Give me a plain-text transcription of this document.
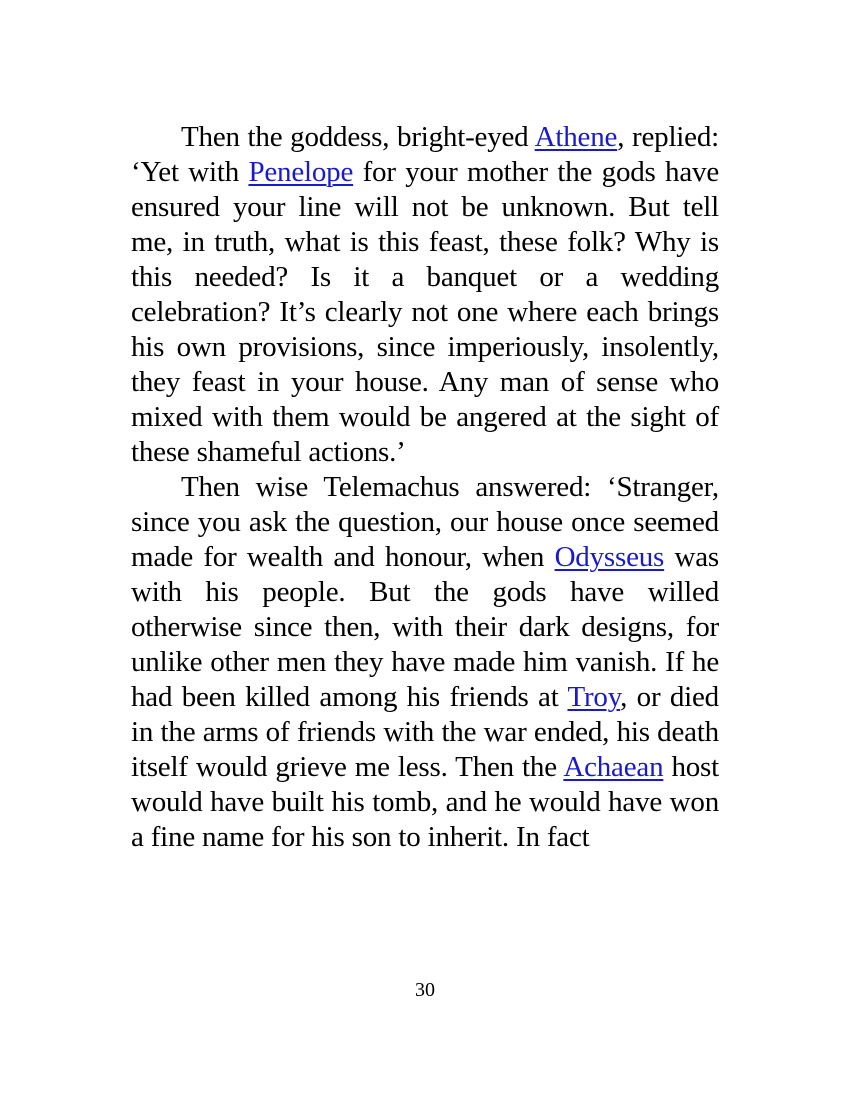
Then the goddess, bright-eyed Athene, replied: ‘Yet with Penelope for your mother the gods have ensured your line will not be unknown. But tell me, in truth, what is this feast, these folk? Why is this needed? Is it a banquet or a wedding celebration? It’s clearly not one where each brings his own provisions, since imperiously, insolently, they feast in your house. Any man of sense who mixed with them would be angered at the sight of these shameful actions.’

Then wise Telemachus answered: ‘Stranger, since you ask the question, our house once seemed made for wealth and honour, when Odysseus was with his people. But the gods have willed otherwise since then, with their dark designs, for unlike other men they have made him vanish. If he had been killed among his friends at Troy, or died in the arms of friends with the war ended, his death itself would grieve me less. Then the Achaean host would have built his tomb, and he would have won a fine name for his son to inherit. In fact

30
